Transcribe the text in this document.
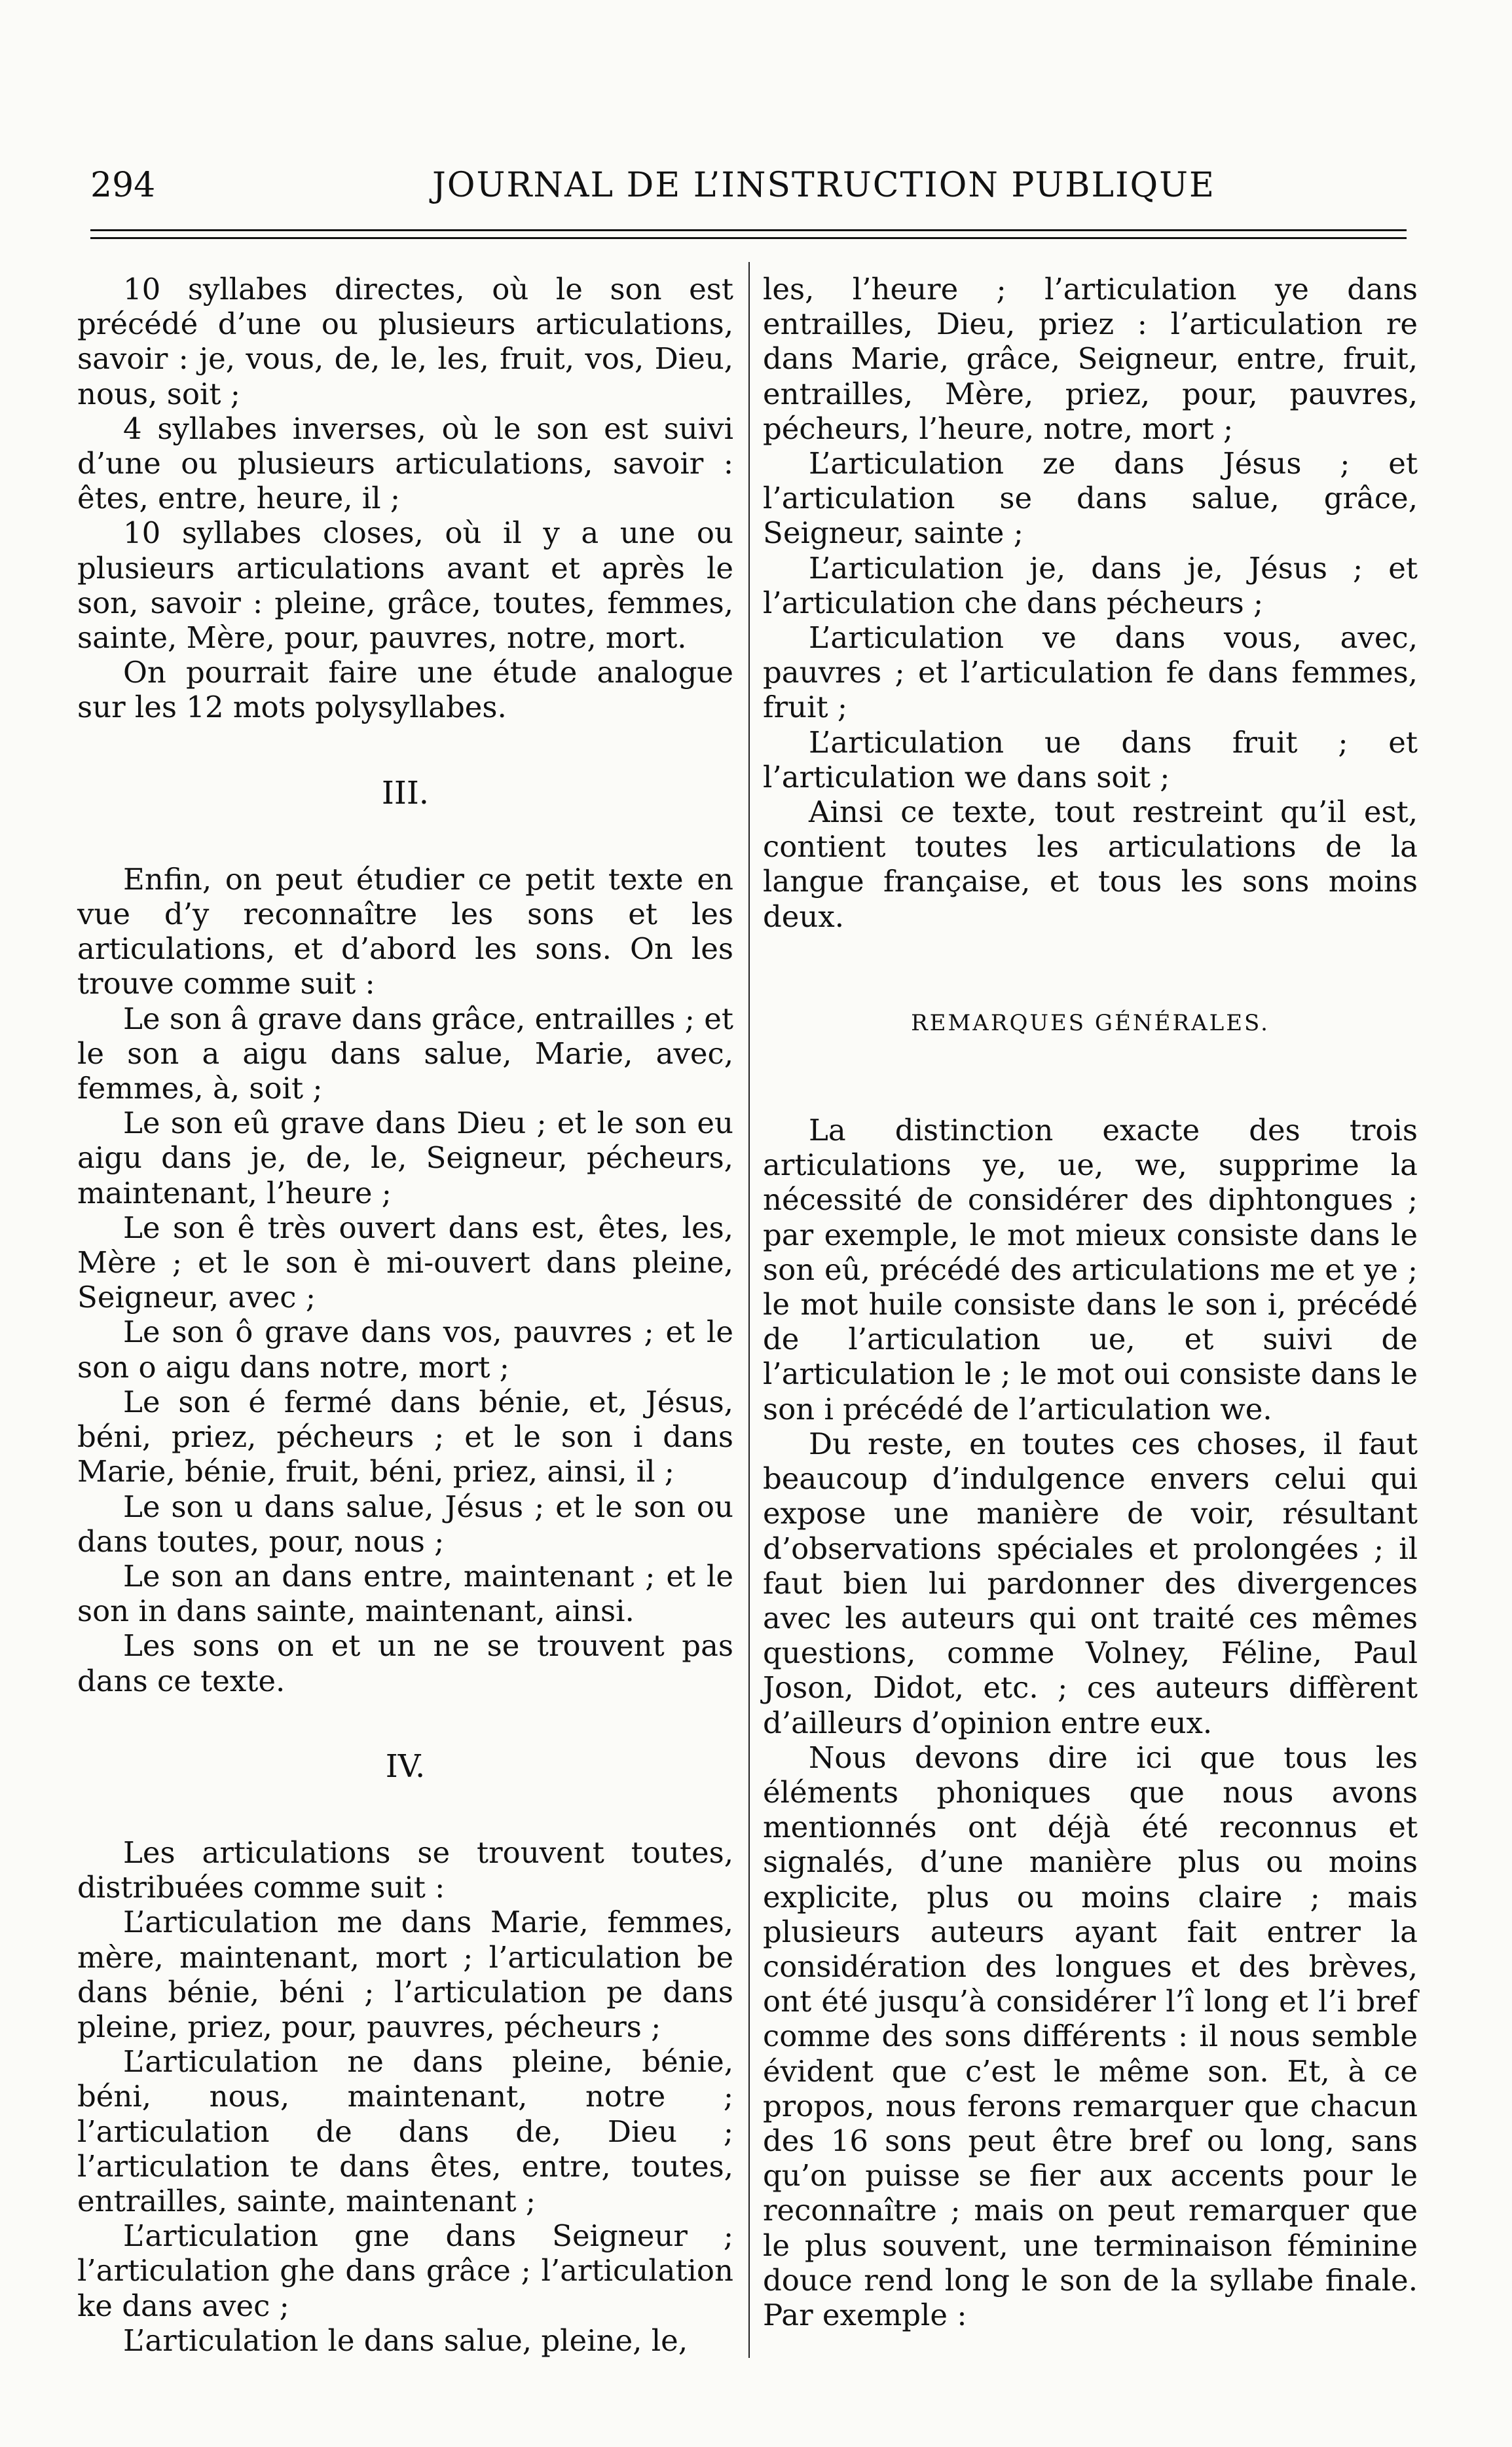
294	JOURNAL DE L’INSTRUCTION PUBLIQUE

10 syllabes directes, où le son est précédé d’une ou plusieurs articulations, savoir : je, vous, de, le, les, fruit, vos, Dieu, nous, soit ;

4 syllabes inverses, où le son est suivi d’une ou plusieurs articulations, savoir : êtes, entre, heure, il ;

10 syllabes closes, où il y a une ou plusieurs articulations avant et après le son, savoir : pleine, grâce, toutes, femmes, sainte, Mère, pour, pauvres, notre, mort.

On pourrait faire une étude analogue sur les 12 mots polysyllabes.

III.

Enfin, on peut étudier ce petit texte en vue d’y reconnaître les sons et les articulations, et d’abord les sons. On les trouve comme suit :

Le son â grave dans grâce, entrailles ; et le son a aigu dans salue, Marie, avec, femmes, à, soit ;

Le son eû grave dans Dieu ; et le son eu aigu dans je, de, le, Seigneur, pécheurs, maintenant, l’heure ;

Le son ê très ouvert dans est, êtes, les, Mère ; et le son è mi-ouvert dans pleine, Seigneur, avec ;

Le son ô grave dans vos, pauvres ; et le son o aigu dans notre, mort ;

Le son é fermé dans bénie, et, Jésus, béni, priez, pécheurs ; et le son i dans Marie, bénie, fruit, béni, priez, ainsi, il ;

Le son u dans salue, Jésus ; et le son ou dans toutes, pour, nous ;

Le son an dans entre, maintenant ; et le son in dans sainte, maintenant, ainsi.

Les sons on et un ne se trouvent pas dans ce texte.

IV.

Les articulations se trouvent toutes, distribuées comme suit :

L’articulation me dans Marie, femmes, mère, maintenant, mort ; l’articulation be dans bénie, béni ; l’articulation pe dans pleine, priez, pour, pauvres, pécheurs ;

L’articulation ne dans pleine, bénie, béni, nous, maintenant, notre ; l’articulation de dans de, Dieu ; l’articulation te dans êtes, entre, toutes, entrailles, sainte, maintenant ;

L’articulation gne dans Seigneur ; l’articulation ghe dans grâce ; l’articulation ke dans avec ;

L’articulation le dans salue, pleine, le,

les, l’heure ; l’articulation ye dans entrailles, Dieu, priez : l’articulation re dans Marie, grâce, Seigneur, entre, fruit, entrailles, Mère, priez, pour, pauvres, pécheurs, l’heure, notre, mort ;

L’articulation ze dans Jésus ; et l’articulation se dans salue, grâce, Seigneur, sainte ;

L’articulation je, dans je, Jésus ; et l’articulation che dans pécheurs ;

L’articulation ve dans vous, avec, pauvres ; et l’articulation fe dans femmes, fruit ;

L’articulation ue dans fruit ; et l’articulation we dans soit ;

Ainsi ce texte, tout restreint qu’il est, contient toutes les articulations de la langue française, et tous les sons moins deux.

REMARQUES GÉNÉRALES.

La distinction exacte des trois articulations ye, ue, we, supprime la nécessité de considérer des diphtongues ; par exemple, le mot mieux consiste dans le son eû, précédé des articulations me et ye ; le mot huile consiste dans le son i, précédé de l’articulation ue, et suivi de l’articulation le ; le mot oui consiste dans le son i précédé de l’articulation we.

Du reste, en toutes ces choses, il faut beaucoup d’indulgence envers celui qui expose une manière de voir, résultant d’observations spéciales et prolongées ; il faut bien lui pardonner des divergences avec les auteurs qui ont traité ces mêmes questions, comme Volney, Féline, Paul Joson, Didot, etc. ; ces auteurs diffèrent d’ailleurs d’opinion entre eux.

Nous devons dire ici que tous les éléments phoniques que nous avons mentionnés ont déjà été reconnus et signalés, d’une manière plus ou moins explicite, plus ou moins claire ; mais plusieurs auteurs ayant fait entrer la considération des longues et des brèves, ont été jusqu’à considérer l’î long et l’i bref comme des sons différents : il nous semble évident que c’est le même son. Et, à ce propos, nous ferons remarquer que chacun des 16 sons peut être bref ou long, sans qu’on puisse se fier aux accents pour le reconnaître ; mais on peut remarquer que le plus souvent, une terminaison féminine douce rend long le son de la syllabe finale. Par exemple :
